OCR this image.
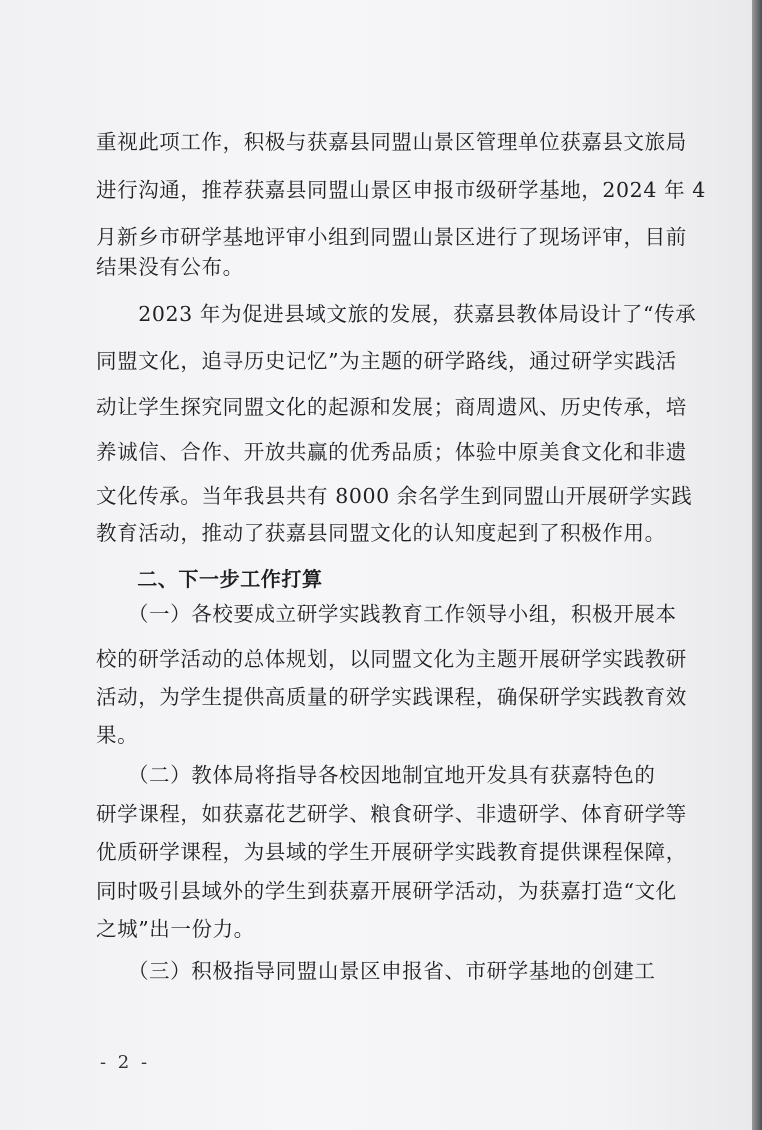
重视此项工作，积极与获嘉县同盟山景区管理单位获嘉县文旅局
进行沟通，推荐获嘉县同盟山景区申报市级研学基地，2024 年 4
月新乡市研学基地评审小组到同盟山景区进行了现场评审，目前
结果没有公布。
　　2023 年为促进县域文旅的发展，获嘉县教体局设计了“传承
同盟文化，追寻历史记忆”为主题的研学路线，通过研学实践活
动让学生探究同盟文化的起源和发展；商周遗风、历史传承，培
养诚信、合作、开放共赢的优秀品质；体验中原美食文化和非遗
文化传承。当年我县共有 8000 余名学生到同盟山开展研学实践
教育活动，推动了获嘉县同盟文化的认知度起到了积极作用。
　　二、下一步工作打算
　　（一）各校要成立研学实践教育工作领导小组，积极开展本
校的研学活动的总体规划，以同盟文化为主题开展研学实践教研
活动，为学生提供高质量的研学实践课程，确保研学实践教育效
果。
　　（二）教体局将指导各校因地制宜地开发具有获嘉特色的
研学课程，如获嘉花艺研学、粮食研学、非遗研学、体育研学等
优质研学课程，为县域的学生开展研学实践教育提供课程保障，
同时吸引县域外的学生到获嘉开展研学活动，为获嘉打造“文化
之城”出一份力。
　　（三）积极指导同盟山景区申报省、市研学基地的创建工
- 2 -
